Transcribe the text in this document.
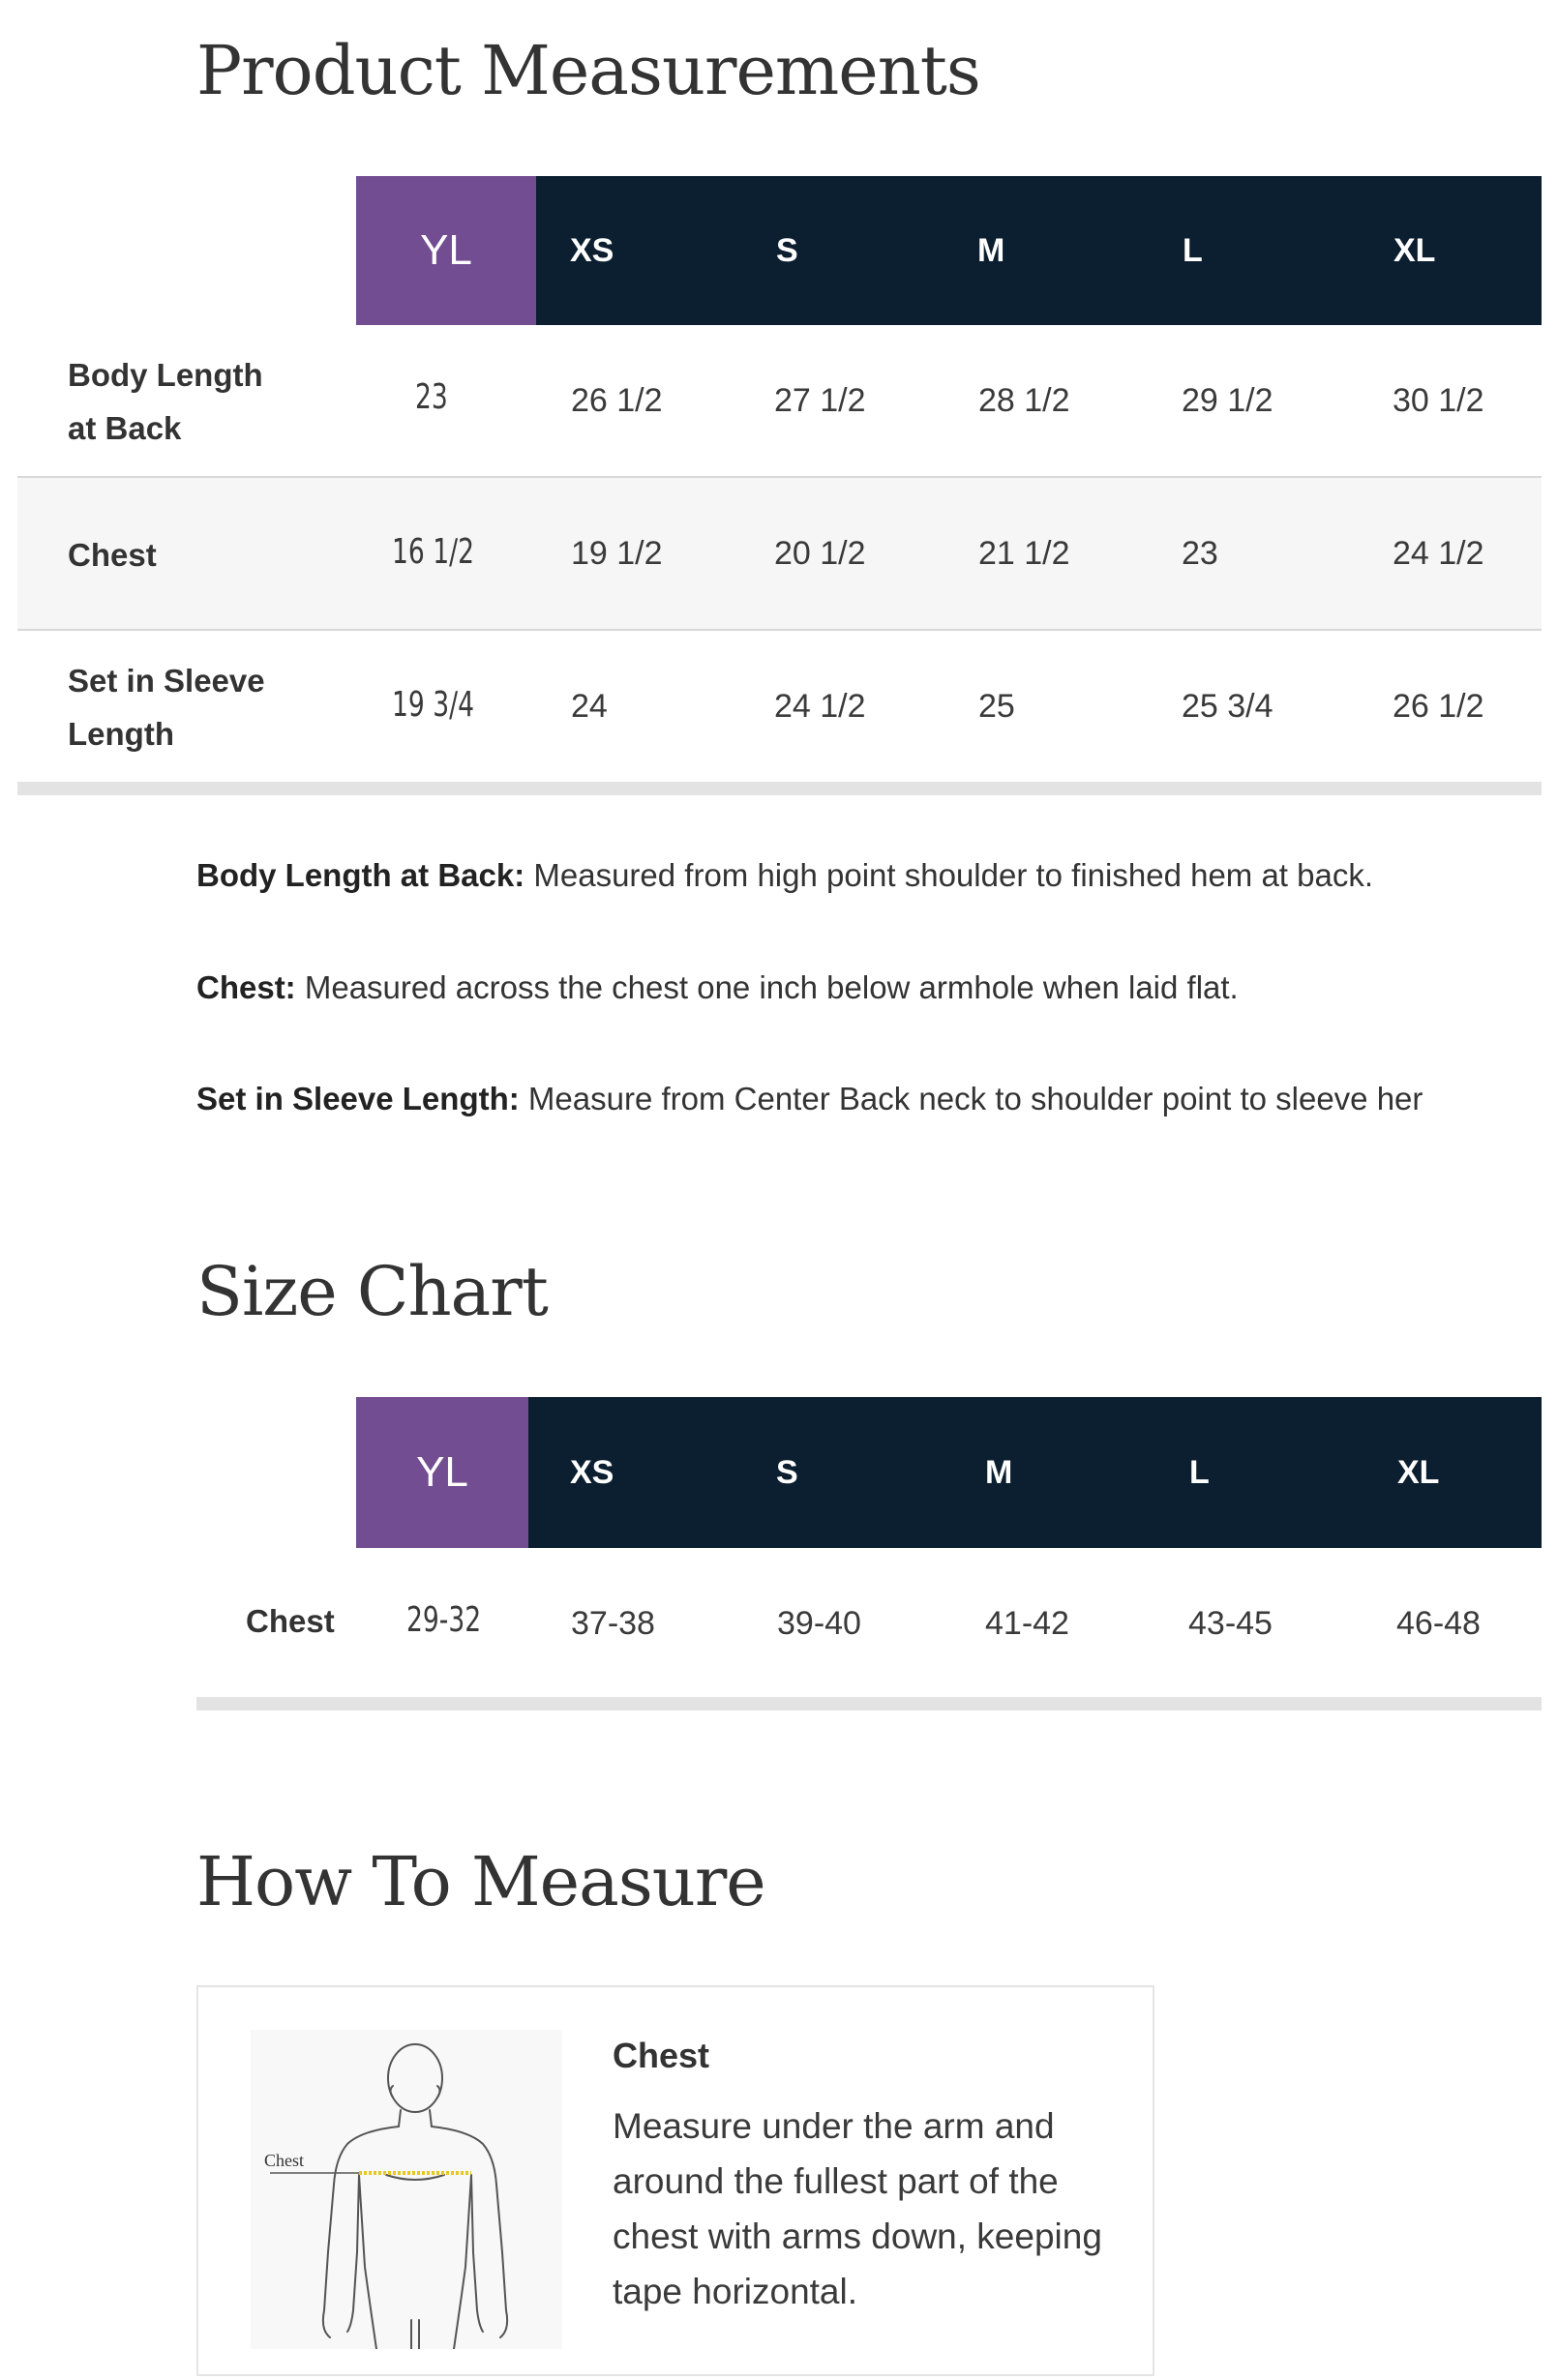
Product Measurements
YL	XS	S	M	L	XL
Body Length
at Back
23	26 1/2	27 1/2	28 1/2	29 1/2	30 1/2
Chest	16 1/2	19 1/2	20 1/2	21 1/2	23	24 1/2
Set in Sleeve
Length
19 3/4	24	24 1/2	25	25 3/4	26 1/2
Body Length at Back: Measured from high point shoulder to finished hem at back.
Chest: Measured across the chest one inch below armhole when laid flat.
Set in Sleeve Length: Measure from Center Back neck to shoulder point to sleeve her
Size Chart
YL	XS	S	M	L	XL
Chest 29-32	37-38	39-40	41-42	43-45	46-48
How To Measure
Chest
Chest
Measure under the arm and around the fullest part of the chest with arms down, keeping tape horizontal.
